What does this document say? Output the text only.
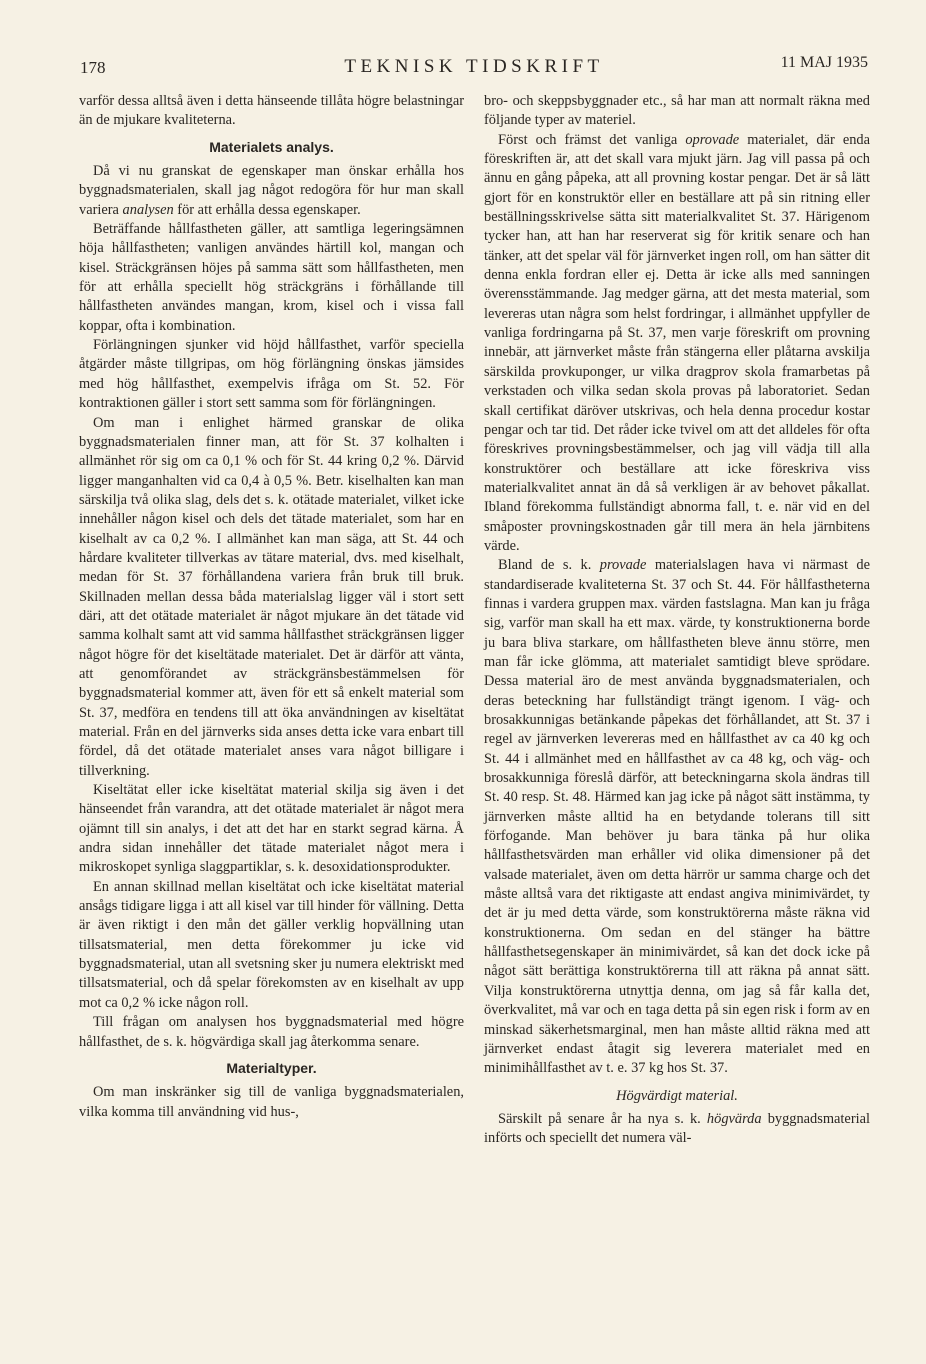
178	TEKNISK TIDSKRIFT	11 MAJ 1935

varför dessa alltså även i detta hänseende tillåta högre belastningar än de mjukare kvaliteterna.

Materialets analys.

Då vi nu granskat de egenskaper man önskar erhålla hos byggnadsmaterialen, skall jag något redogöra för hur man skall variera analysen för att erhålla dessa egenskaper.

Beträffande hållfastheten gäller, att samtliga legeringsämnen höja hållfastheten; vanligen användes härtill kol, mangan och kisel. Sträckgränsen höjes på samma sätt som hållfastheten, men för att erhålla speciellt hög sträckgräns i förhållande till hållfastheten användes mangan, krom, kisel och i vissa fall koppar, ofta i kombination.

Förlängningen sjunker vid höjd hållfasthet, varför speciella åtgärder måste tillgripas, om hög förlängning önskas jämsides med hög hållfasthet, exempelvis ifråga om St. 52. För kontraktionen gäller i stort sett samma som för förlängningen.

Om man i enlighet härmed granskar de olika byggnadsmaterialen finner man, att för St. 37 kolhalten i allmänhet rör sig om ca 0,1 % och för St. 44 kring 0,2 %. Därvid ligger manganhalten vid ca 0,4 à 0,5 %. Betr. kiselhalten kan man särskilja två olika slag, dels det s. k. otätade materialet, vilket icke innehåller någon kisel och dels det tätade materialet, som har en kiselhalt av ca 0,2 %. I allmänhet kan man säga, att St. 44 och hårdare kvaliteter tillverkas av tätare material, dvs. med kiselhalt, medan för St. 37 förhållandena variera från bruk till bruk. Skillnaden mellan dessa båda materialslag ligger väl i stort sett däri, att det otätade materialet är något mjukare än det tätade vid samma kolhalt samt att vid samma hållfasthet sträckgränsen ligger något högre för det kiseltätade materialet. Det är därför att vänta, att genomförandet av sträckgränsbestämmelsen för byggnadsmaterial kommer att, även för ett så enkelt material som St. 37, medföra en tendens till att öka användningen av kiseltätat material. Från en del järnverks sida anses detta icke vara enbart till fördel, då det otätade materialet anses vara något billigare i tillverkning.

Kiseltätat eller icke kiseltätat material skilja sig även i det hänseendet från varandra, att det otätade materialet är något mera ojämnt till sin analys, i det att det har en starkt segrad kärna. Å andra sidan innehåller det tätade materialet något mera i mikroskopet synliga slaggpartiklar, s. k. desoxidationsprodukter.

En annan skillnad mellan kiseltätat och icke kiseltätat material ansågs tidigare ligga i att all kisel var till hinder för vällning. Detta är även riktigt i den mån det gäller verklig hopvällning utan tillsatsmaterial, men detta förekommer ju icke vid byggnadsmaterial, utan all svetsning sker ju numera elektriskt med tillsatsmaterial, och då spelar förekomsten av en kiselhalt av upp mot ca 0,2 % icke någon roll.

Till frågan om analysen hos byggnadsmaterial med högre hållfasthet, de s. k. högvärdiga skall jag återkomma senare.

Materialtyper.

Om man inskränker sig till de vanliga byggnadsmaterialen, vilka komma till användning vid hus-,

bro- och skeppsbyggnader etc., så har man att normalt räkna med följande typer av materiel.

Först och främst det vanliga oprovade materialet, där enda föreskriften är, att det skall vara mjukt järn. Jag vill passa på och ännu en gång påpeka, att all provning kostar pengar. Det är så lätt gjort för en konstruktör eller en beställare att på sin ritning eller beställningsskrivelse sätta sitt materialkvalitet St. 37. Härigenom tycker han, att han har reserverat sig för kritik senare och han tänker, att det spelar väl för järnverket ingen roll, om han sätter dit denna enkla fordran eller ej. Detta är icke alls med sanningen överensstämmande. Jag medger gärna, att det mesta material, som levereras utan några som helst fordringar, i allmänhet uppfyller de vanliga fordringarna på St. 37, men varje föreskrift om provning innebär, att järnverket måste från stängerna eller plåtarna avskilja särskilda provkuponger, ur vilka dragprov skola framarbetas på verkstaden och vilka sedan skola provas på laboratoriet. Sedan skall certifikat däröver utskrivas, och hela denna procedur kostar pengar och tar tid. Det råder icke tvivel om att det alldeles för ofta föreskrives provningsbestämmelser, och jag vill vädja till alla konstruktörer och beställare att icke föreskriva viss materialkvalitet annat än då så verkligen är av behovet påkallat. Ibland förekomma fullständigt abnorma fall, t. e. när vid en del småposter provningskostnaden går till mera än hela järnbitens värde.

Bland de s. k. provade materialslagen hava vi närmast de standardiserade kvaliteterna St. 37 och St. 44. För hållfastheterna finnas i vardera gruppen max. värden fastslagna. Man kan ju fråga sig, varför man skall ha ett max. värde, ty konstruktionerna borde ju bara bliva starkare, om hållfastheten bleve ännu större, men man får icke glömma, att materialet samtidigt bleve sprödare. Dessa material äro de mest använda byggnadsmaterialen, och deras beteckning har fullständigt trängt igenom. I väg- och brosakkunnigas betänkande påpekas det förhållandet, att St. 37 i regel av järnverken levereras med en hållfasthet av ca 40 kg och St. 44 i allmänhet med en hållfasthet av ca 48 kg, och väg- och brosakkunniga föreslå därför, att beteckningarna skola ändras till St. 40 resp. St. 48. Härmed kan jag icke på något sätt instämma, ty järnverken måste alltid ha en betydande tolerans till sitt förfogande. Man behöver ju bara tänka på hur olika hållfasthetsvärden man erhåller vid olika dimensioner på det valsade materialet, även om detta härrör ur samma charge och det måste alltså vara det riktigaste att endast angiva minimivärdet, ty det är ju med detta värde, som konstruktörerna måste räkna vid konstruktionerna. Om sedan en del stänger ha bättre hållfasthetsegenskaper än minimivärdet, så kan det dock icke på något sätt berättiga konstruktörerna till att räkna på annat sätt. Vilja konstruktörerna utnyttja denna, om jag så får kalla det, överkvalitet, må var och en taga detta på sin egen risk i form av en minskad säkerhetsmarginal, men han måste alltid räkna med att järnverket endast åtagit sig leverera materialet med en minimihållfasthet av t. e. 37 kg hos St. 37.

Högvärdigt material.

Särskilt på senare år ha nya s. k. högvärda byggnadsmaterial införts och speciellt det numera väl-
